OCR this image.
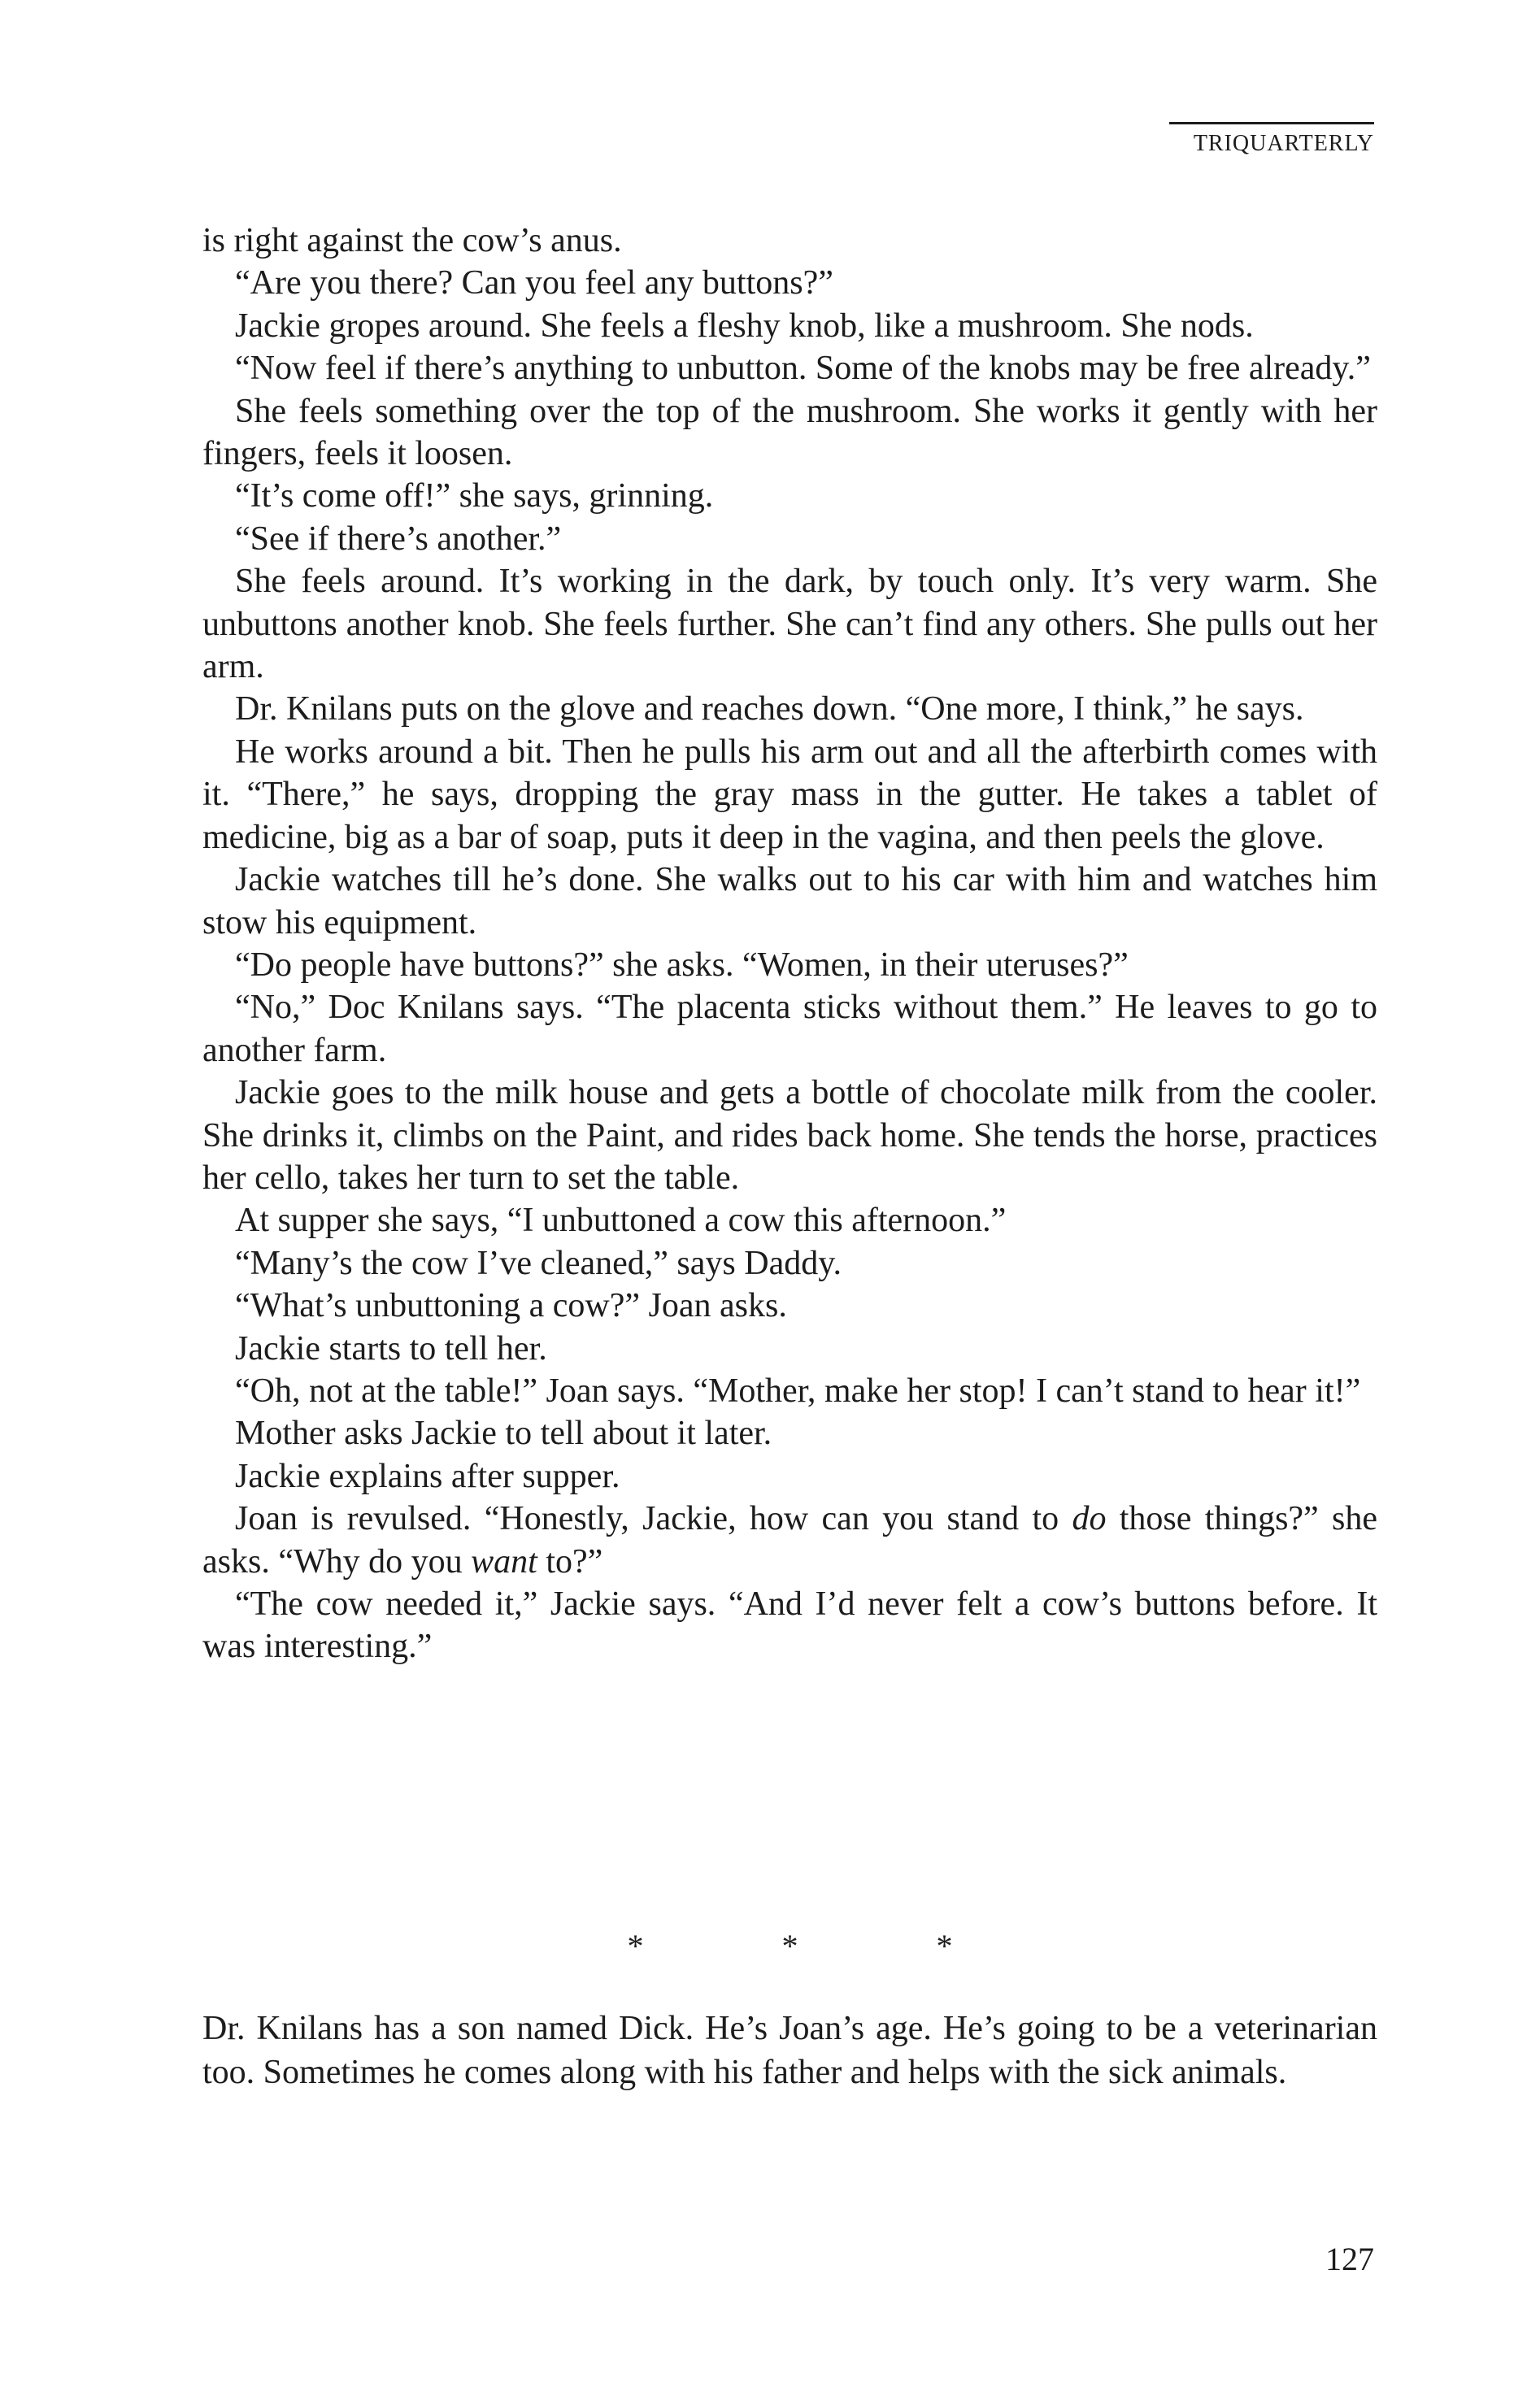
TRIQUARTERLY

is right against the cow’s anus.

“Are you there? Can you feel any buttons?”

Jackie gropes around. She feels a fleshy knob, like a mushroom. She nods.

“Now feel if there’s anything to unbutton. Some of the knobs may be free already.”

She feels something over the top of the mushroom. She works it gently with her fingers, feels it loosen.

“It’s come off!” she says, grinning.

“See if there’s another.”

She feels around. It’s working in the dark, by touch only. It’s very warm. She unbuttons another knob. She feels further. She can’t find any others. She pulls out her arm.

Dr. Knilans puts on the glove and reaches down. “One more, I think,” he says.

He works around a bit. Then he pulls his arm out and all the afterbirth comes with it. “There,” he says, dropping the gray mass in the gutter. He takes a tablet of medicine, big as a bar of soap, puts it deep in the vagina, and then peels the glove.

Jackie watches till he’s done. She walks out to his car with him and watches him stow his equipment.

“Do people have buttons?” she asks. “Women, in their uteruses?”

“No,” Doc Knilans says. “The placenta sticks without them.” He leaves to go to another farm.

Jackie goes to the milk house and gets a bottle of chocolate milk from the cooler. She drinks it, climbs on the Paint, and rides back home. She tends the horse, practices her cello, takes her turn to set the table.

At supper she says, “I unbuttoned a cow this afternoon.”

“Many’s the cow I’ve cleaned,” says Daddy.

“What’s unbuttoning a cow?” Joan asks.

Jackie starts to tell her.

“Oh, not at the table!” Joan says. “Mother, make her stop! I can’t stand to hear it!”

Mother asks Jackie to tell about it later.

Jackie explains after supper.

Joan is revulsed. “Honestly, Jackie, how can you stand to do those things?” she asks. “Why do you want to?”

“The cow needed it,” Jackie says. “And I’d never felt a cow’s buttons before. It was interesting.”

* * *

Dr. Knilans has a son named Dick. He’s Joan’s age. He’s going to be a veterinarian too. Sometimes he comes along with his father and helps with the sick animals.

127
